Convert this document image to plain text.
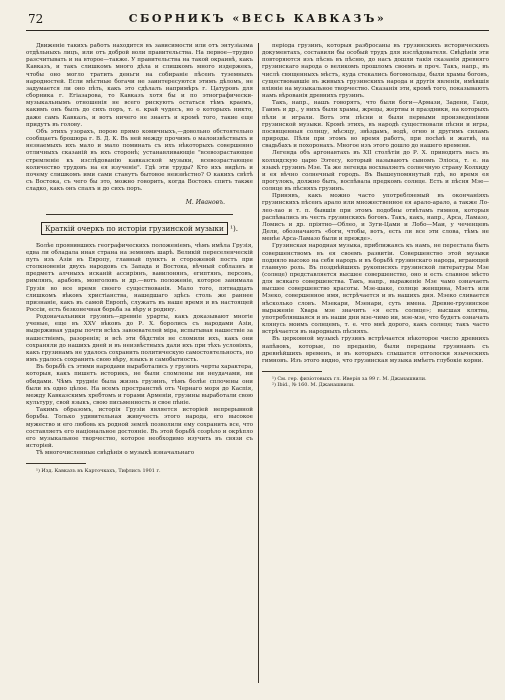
72	СБОРНИКЪ «ВЕСЬ КАВКАЗЪ»

Движеніе такихъ работъ находится въ зависимости или отъ энтузіазма отдѣльныхъ лицъ, или отъ доброй воли правительства. На первое—трудно разсчитывать и на второе—также. У правительства на такой окраинѣ, какъ Кавказъ, и такъ слишкомъ много дѣла и слишкомъ много издержекъ, чтобы оно могло тратить деньги на собираніе пѣсенъ туземныхъ народностей. Если мѣстные богачи не заинтересуются этимъ дѣломъ, не задумается ли оно пѣть, какъ это сдѣлалъ напримѣръ г. Цатуровъ для сборника г. Егіазарова, то Кавказъ хотя бы и по этнографически-музыкальнымъ отношенія не всего рискуютъ остаться тѣмъ краемъ, какимъ онъ былъ до сихъ поръ, т. е. край чудесъ, но о которыхъ никто, даже самъ Кавказъ, и вотъ ничего не знаетъ и кромѣ того, такие еще придутъ въ голову.

Объ этихъ узорахъ, порою прямо комичныхъ,—довольно обстоятельно сообщаетъ брошюра г. В. Д. К. Въ ней между прочимъ о малоизвѣстныхъ и незнаемыхъ ихъ мало и мало поминать съ ихъ нѣкоторыхъ совершенно отличныхъ сказаній въ ихъ сторонѣ; устанавливающіе "всевозрастающее стремленіе къ изслѣдованію кавказской музыки, всевозрастающее количество трудовъ на ея изученіе". Гдѣ эти труды? Кто ихъ видѣлъ и почему слишкомъ ими сами станутъ бытовое неизвѣстно? О какихъ свѣтѣ съ Востока, съ чего бы это, можно говорить, когда Востокъ спитъ также сладко, какъ онъ спалъ и до сихъ поръ.

М. Ивановъ.
Краткій очеркъ по исторіи грузинской музыки ¹).

Болѣе проявившихъ географическихъ положеніемъ, чѣмъ имѣла Грузія, едва ли обладала иная страна на земномъ шарѣ. Великій переселенческій путь изъ Азіи въ Европу, главный пунктъ и сторожевой постъ при столкновеніи двухъ народовъ съ Запада и Востока, вѣчный соблазнъ и предметъ алчныхъ исканій ассиріянъ, вавилонянъ, египтянъ, персовъ, римлянъ, арабовъ, монголовъ и др.—вотъ положеніе, которое занимала Грузія во все время своего существованія. Мало того, пятнадцать слишкомъ вѣковъ христіанства, нашедшаго здѣсь столь же раннее признаніе, какъ въ самой Европѣ, служатъ въ наше время и въ настоящей Россіи, есть безконечная борьба за вѣру и родину.

Родоначальники грузинъ—древніе урарты, какъ доказывают многіе ученые, еще въ XXV вѣковъ до Р. Х. боролись съ народами Азіи, выдерживая удары почти всѣхъ завоевателей міра, испытывая нашествіе за нашествіемъ, разоренія; и всѣ эти бѣдствія не сломили ихъ, какъ они сохраняли до нашихъ дней и въ неизвѣстныхъ дали ихъ при тѣхъ условіяхъ, какъ грузинамъ не удалось сохранить политическую самостоятельность, но имъ удалось сохранить свою вѣру, языкъ и самобытность.

Въ борьбѣ съ этими народами выработались у грузинъ черты характера, которыя, какъ пишетъ историкъ, не были сломлены ни неудачами, ни обидами. Чѣмъ трудніе была жизнь грузинъ, тѣмъ болѣе сплочены они были въ одно цѣлое. На всемъ пространствѣ отъ Чернаго моря до Каспія, между Кавказскимъ хребтомъ и горами Арменіи, грузины выработали свою культуру, свой языкъ, свою письменность и свое пѣніе.

Такимъ образомъ, исторія Грузіи является исторіей непрерывной борьбы. Только удивительная живучесть этого народа, его высокое мужество и его любовь къ родной землѣ позволили ему сохранить все, что составляетъ его національное достояніе. Въ этой борьбѣ созрѣло и окрѣпло его музыкальное творчество, которое необходимо изучить въ связи съ исторіей.

Тѣ многочисленные свѣдѣнія о музыкѣ изначальнаго

¹) Изд. Кавказъ въ Карточкахъ, Тифлисъ 1901 г.

періода грузинъ, которыя разбросаны въ грузинскихъ историческихъ документахъ, составили бы особый трудъ для изслѣдователя. Свѣдѣнія эти повторяются изъ пѣснь въ пѣсню, до насъ дошли такія сказанія древняго грузинскаго народа о великомъ прошломъ своемъ и проч. Такъ, напр., въ числѣ священныхъ мѣстъ, куда стекались богомольцы, были храмы боговъ, существовавшіе въ живыхъ грузинскихъ народа и другія явленія, имѣвшія вліяніе на музыкальное творчество. Сказанія эти, кромѣ того, показываютъ намъ вѣрованія древнихъ грузинъ.

Такъ, напр., нашъ говорятъ, что были боги—Армази, Задени, Гаци, Гаимъ и др., у нихъ были храмы, жрецы, жертвы и праздники, на которыхъ пѣли и играли. Вотъ эти пѣсни и были первыми произведеніями грузинской музыки. Кромѣ этихъ, въ народѣ существовали пѣсни и игры, посвященныя солнцу, мѣсяцу, звѣздамъ, водѣ, огню и другимъ силамъ природы. Пѣли при этомъ во время работъ, при посѣвѣ и жатвѣ, на свадьбахъ и похоронахъ. Многое изъ этого дошло до нашего времени.

Легенда объ аргонавтахъ въ XII столѣтіи до Р. Х. приводитъ насъ въ колхидскую царю Ээтесу, который называютъ сыномъ Эліоса, т. е. на языкѣ грузинъ Мзе. Та же легенда восхваляетъ солнечную страну Колхиду и ея вѣчно солнечный городъ. Въ Вышеупомянутый гдѣ, во время ея прогулокъ, должно быть, воспѣвала предкомъ солнце. Есть и пѣсня Мзе—солнце въ пѣсняхъ грузинъ.

Принявъ, какъ можно часто употребляемый въ окончаніяхъ грузинскихъ пѣсенъ арало или множественное ея арало-арало, а также Ло-лео-лао и т. п. бывшія при этомъ подобны отвѣтамъ гимнов, которыя распѣвались въ честь грузинскихъ боговъ. Такъ, какъ, напр., Арса, Ламазо, Ломисъ и др. пріятно—Облео, и Зуги-Цами и Лобо—Маи, у чеченцевъ Дели, обозначаютъ «боги, чтобы, вотъ, есть ли все эти слова, тѣмъ не менѣе Арса-Ламазо были и прежде».

Грузинская народная музыка, приближаясь къ намъ, не перестала быть совершенствомъ въ ея своемъ развитіи. Совершенство этой музыки подняло высоко на себя народъ и въ борьбѣ грузинскаго народа, играющей главную роль. Въ позднѣйшихъ рукописяхъ грузинской литературы Мзе (солнце) представляется высшее совершенство, оно и есть славное мѣсто для всякаго совершенства. Такъ, напр., выраженіе Мзе чамо означаетъ высшее совершенство красоты. Мзе-шаке, солнце женщина, Мзетъ или Мзеко, совершенное имя, встрѣчается и въ нашихъ дня. Мзеко сливается нѣсколько словъ. Мзекари, Мзенари, суть имена. Древне-грузинское выраженіе Хвара мзе значитъ «я есть солнце»; высшая клятва, употреблявшаяся и въ наши дни мзе-чимо ии, мзе-мзе, что будетъ означать клянусь моимъ солнцемъ, т. е. что мнѣ дорого, какъ солнце; такъ часто встрѣчается въ народныхъ пѣсняхъ.

Въ церковной музыкѣ грузинъ встрѣчается нѣкоторое число древнихъ напѣвовъ, которые, по преданію, были переданы грузинамъ съ древнѣйшихъ временъ, и въ которыхъ слышатся отголоски языческихъ гимновъ. Изъ этого видно, что грузинская музыка имѣетъ глубокіе корни.

¹) См. гер. физіотовыхъ гл. Иверія за 99 г. М. Джанашвили.

²) Ibid., № 160. М. Джанашвили.
